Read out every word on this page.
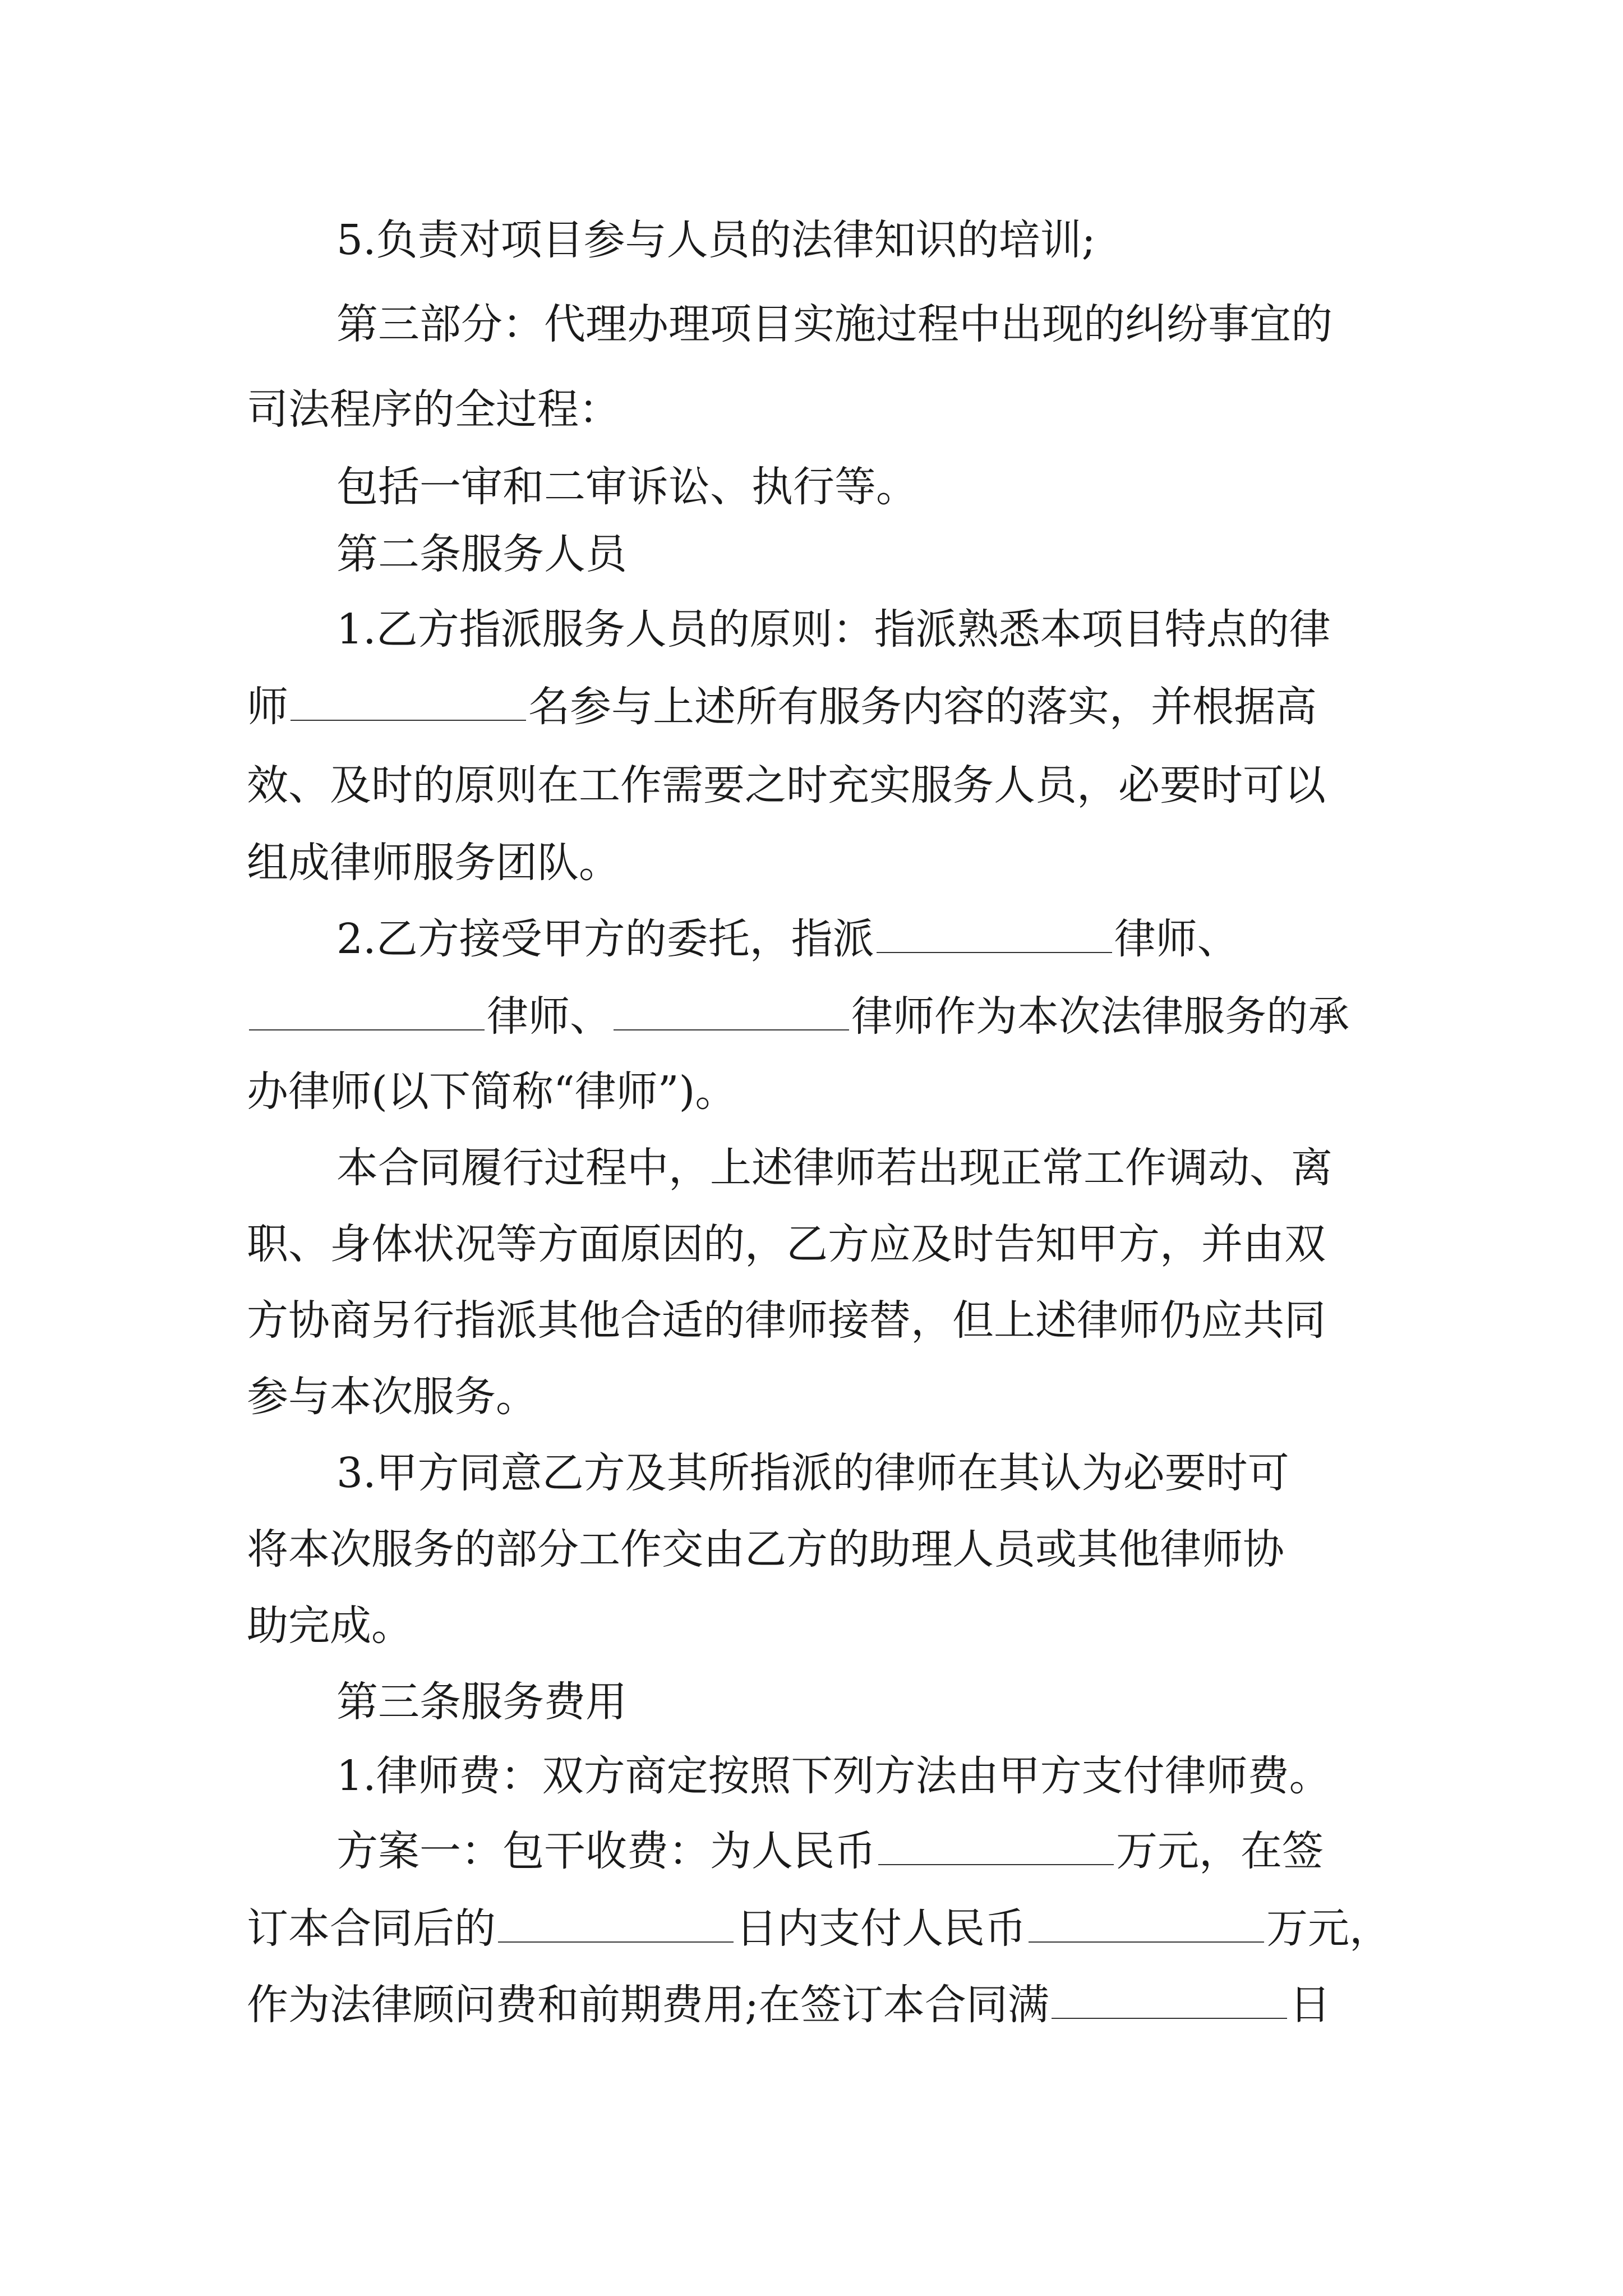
5.负责对项目参与人员的法律知识的培训;
第三部分：代理办理项目实施过程中出现的纠纷事宜的
司法程序的全过程：
包括一审和二审诉讼、执行等。
第二条服务人员
1.乙方指派服务人员的原则：指派熟悉本项目特点的律
师	名参与上述所有服务内容的落实，并根据高
效、及时的原则在工作需要之时充实服务人员，必要时可以
组成律师服务团队。
2.乙方接受甲方的委托，指派	律师、
律师、	律师作为本次法律服务的承
办律师(以下简称“律师”)。
本合同履行过程中，上述律师若出现正常工作调动、离
职、身体状况等方面原因的，乙方应及时告知甲方，并由双
方协商另行指派其他合适的律师接替，但上述律师仍应共同
参与本次服务。
3.甲方同意乙方及其所指派的律师在其认为必要时可
将本次服务的部分工作交由乙方的助理人员或其他律师协
助完成。
第三条服务费用
1.律师费：双方商定按照下列方法由甲方支付律师费。
方案一：包干收费：为人民币	万元，在签
订本合同后的	日内支付人民币	万元，
作为法律顾问费和前期费用;在签订本合同满	日
